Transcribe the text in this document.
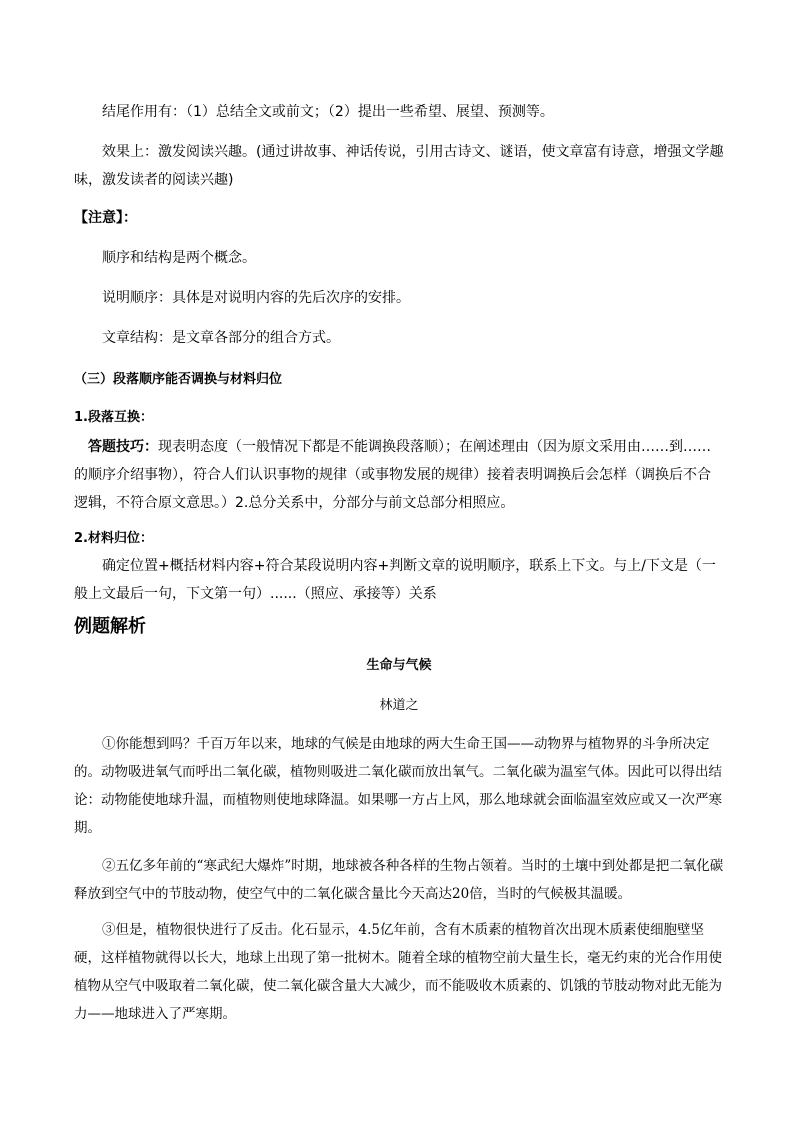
结尾作用有：（1）总结全文或前文；（2）提出一些希望、展望、预测等。

效果上：激发阅读兴趣。(通过讲故事、神话传说，引用古诗文、谜语，使文章富有诗意，增强文学趣味，激发读者的阅读兴趣)

【注意】：

顺序和结构是两个概念。

说明顺序：具体是对说明内容的先后次序的安排。

文章结构：是文章各部分的组合方式。

（三）段落顺序能否调换与材料归位

1.段落互换：

答题技巧：现表明态度（一般情况下都是不能调换段落顺）；在阐述理由（因为原文采用由……到……的顺序介绍事物），符合人们认识事物的规律（或事物发展的规律）接着表明调换后会怎样（调换后不合逻辑，不符合原文意思。）2.总分关系中，分部分与前文总部分相照应。

2.材料归位：

确定位置+概括材料内容+符合某段说明内容+判断文章的说明顺序，联系上下文。与上/下文是（一般上文最后一句，下文第一句）......（照应、承接等）关系

例题解析

生命与气候

林道之

①你能想到吗？千百万年以来，地球的气候是由地球的两大生命王国——动物界与植物界的斗争所决定的。动物吸进氧气而呼出二氧化碳，植物则吸进二氧化碳而放出氧气。二氧化碳为温室气体。因此可以得出结论：动物能使地球升温，而植物则使地球降温。如果哪一方占上风，那么地球就会面临温室效应或又一次严寒期。

②五亿多年前的“寒武纪大爆炸”时期，地球被各种各样的生物占领着。当时的土壤中到处都是把二氧化碳释放到空气中的节肢动物，使空气中的二氧化碳含量比今天高达20倍，当时的气候极其温暖。

③但是，植物很快进行了反击。化石显示，4.5亿年前，含有木质素的植物首次出现木质素使细胞壁坚硬，这样植物就得以长大，地球上出现了第一批树木。随着全球的植物空前大量生长，毫无约束的光合作用使植物从空气中吸取着二氧化碳，使二氧化碳含量大大减少，而不能吸收木质素的、饥饿的节肢动物对此无能为力——地球进入了严寒期。
